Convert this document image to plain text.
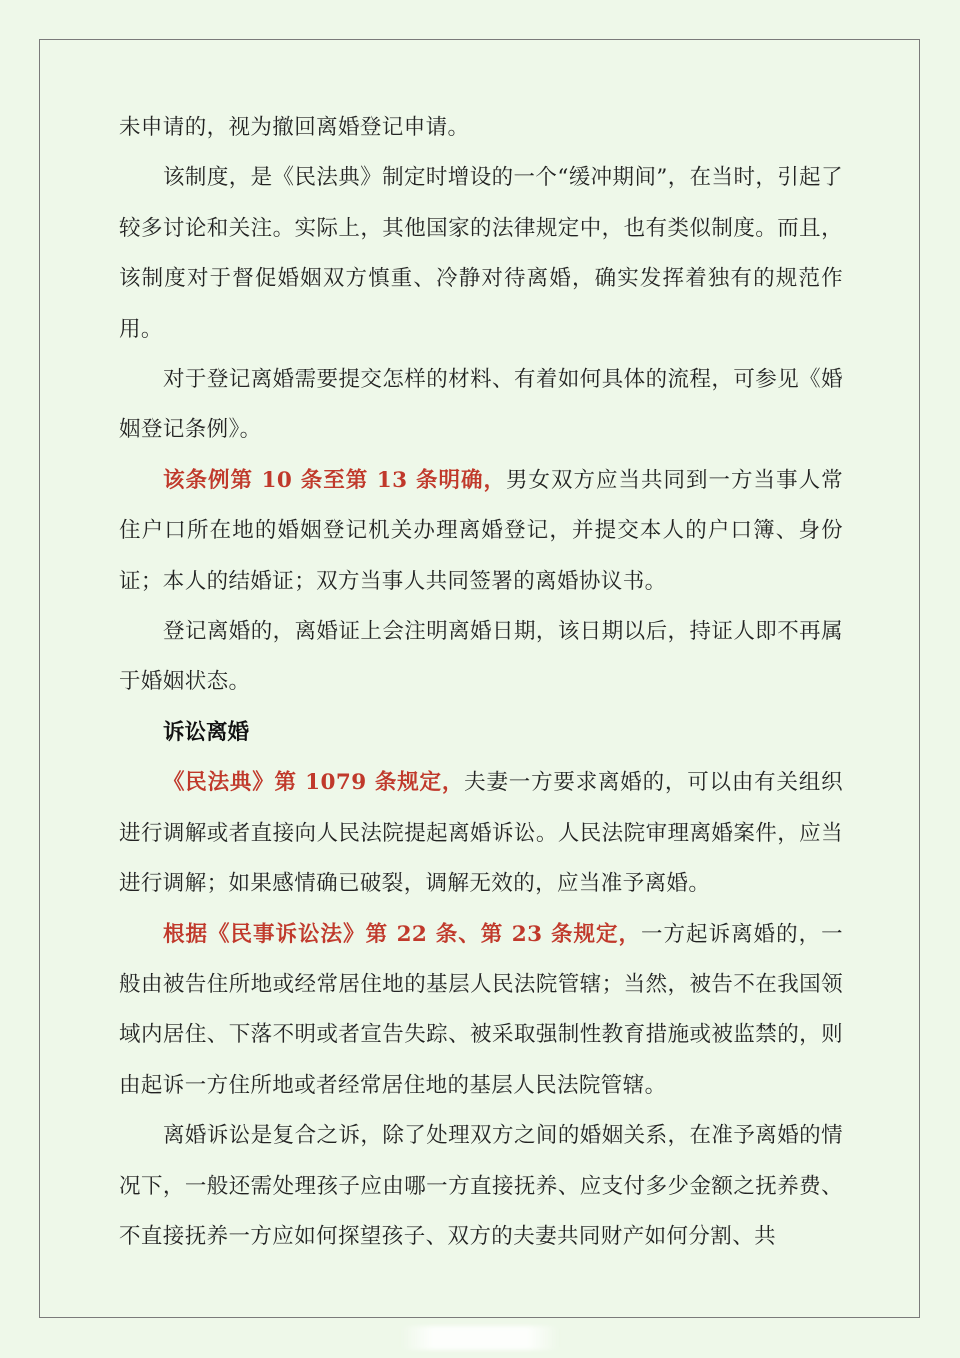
未申请的，视为撤回离婚登记申请。

该制度，是《民法典》制定时增设的一个“缓冲期间”，在当时，引起了较多讨论和关注。实际上，其他国家的法律规定中，也有类似制度。而且，该制度对于督促婚姻双方慎重、冷静对待离婚，确实发挥着独有的规范作用。

对于登记离婚需要提交怎样的材料、有着如何具体的流程，可参见《婚姻登记条例》。

该条例第 10 条至第 13 条明确，男女双方应当共同到一方当事人常住户口所在地的婚姻登记机关办理离婚登记，并提交本人的户口簿、身份证；本人的结婚证；双方当事人共同签署的离婚协议书。

登记离婚的，离婚证上会注明离婚日期，该日期以后，持证人即不再属于婚姻状态。

诉讼离婚

《民法典》第 1079 条规定，夫妻一方要求离婚的，可以由有关组织进行调解或者直接向人民法院提起离婚诉讼。人民法院审理离婚案件，应当进行调解；如果感情确已破裂，调解无效的，应当准予离婚。

根据《民事诉讼法》第 22 条、第 23 条规定，一方起诉离婚的，一般由被告住所地或经常居住地的基层人民法院管辖；当然，被告不在我国领域内居住、下落不明或者宣告失踪、被采取强制性教育措施或被监禁的，则由起诉一方住所地或者经常居住地的基层人民法院管辖。

离婚诉讼是复合之诉，除了处理双方之间的婚姻关系，在准予离婚的情况下，一般还需处理孩子应由哪一方直接抚养、应支付多少金额之抚养费、不直接抚养一方应如何探望孩子、双方的夫妻共同财产如何分割、共
